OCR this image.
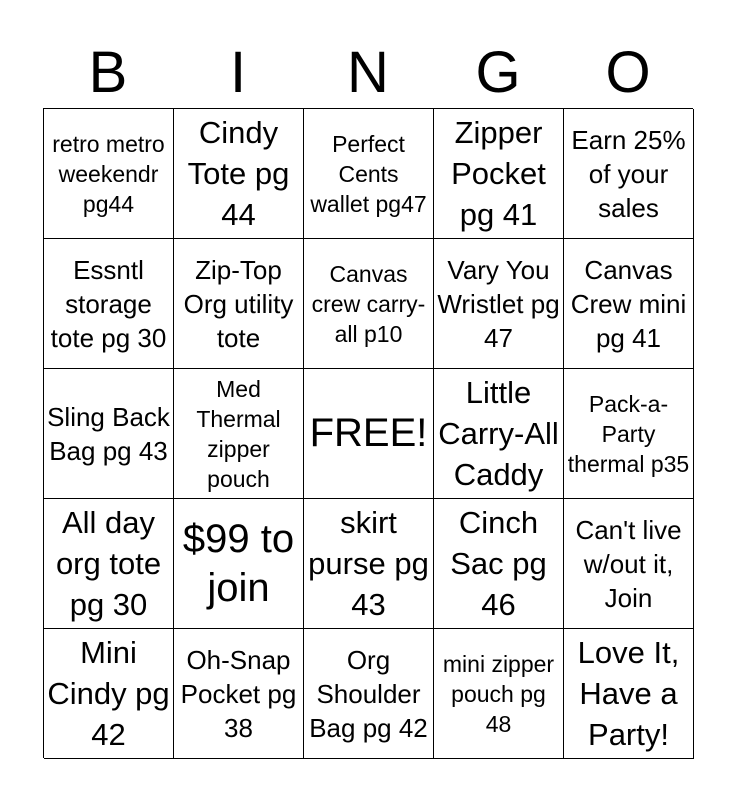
B	I	N	G	O
retro metro weekendr pg44
Cindy Tote pg 44
Perfect Cents wallet pg47
Zipper Pocket pg 41
Earn 25% of your sales
Essntl storage tote pg 30
Zip-Top Org utility tote
Canvas crew carry-all p10
Vary You Wristlet pg 47
Canvas Crew mini pg 41
Sling Back Bag pg 43
Med Thermal zipper pouch
FREE!
Little Carry-All Caddy
Pack-a-Party thermal p35
All day org tote pg 30
$99 to join
skirt purse pg 43
Cinch Sac pg 46
Can't live w/out it, Join
Mini Cindy pg 42
Oh-Snap Pocket pg 38
Org Shoulder Bag pg 42
mini zipper pouch pg 48
Love It, Have a Party!
